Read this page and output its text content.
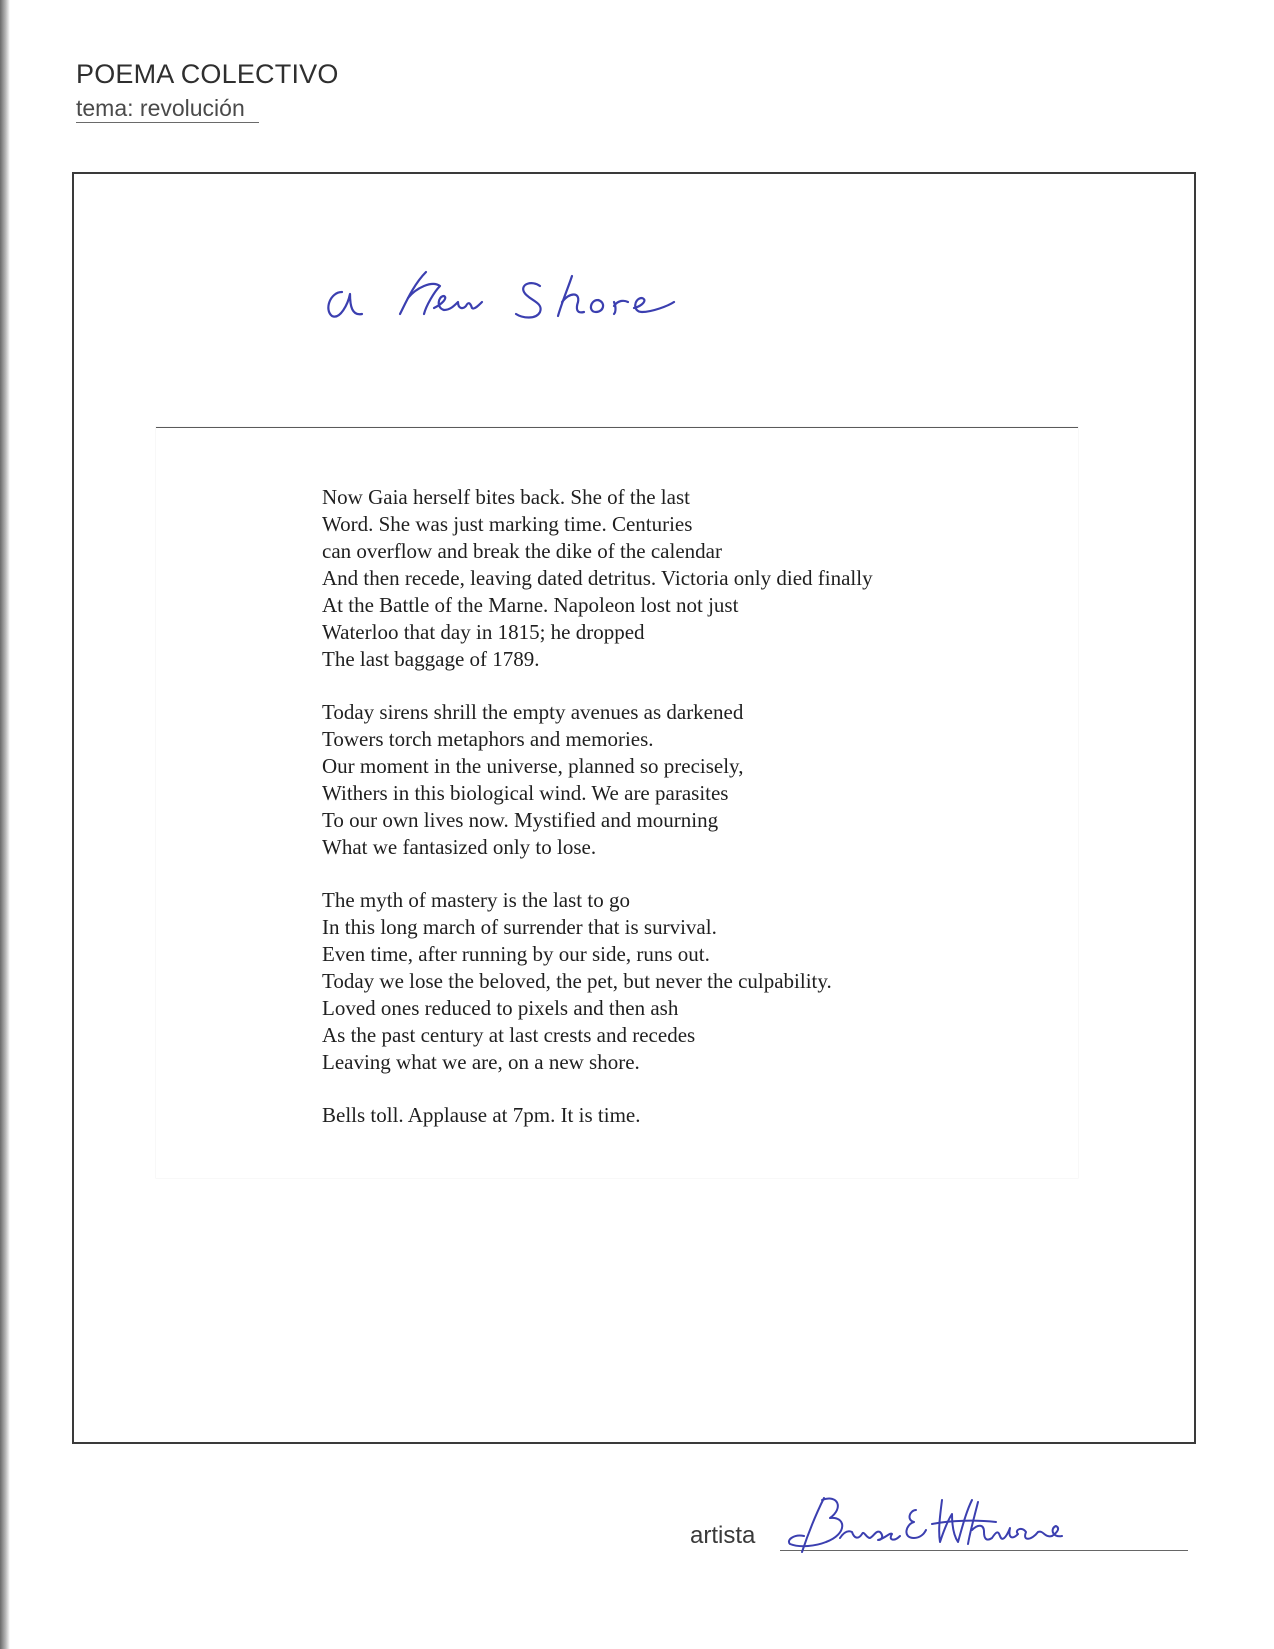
POEMA COLECTIVO
tema: revolución
Now Gaia herself bites back. She of the last
Word. She was just marking time. Centuries
can overflow and break the dike of the calendar
And then recede, leaving dated detritus. Victoria only died finally
At the Battle of the Marne. Napoleon lost not just
Waterloo that day in 1815; he dropped
The last baggage of 1789.
Today sirens shrill the empty avenues as darkened
Towers torch metaphors and memories.
Our moment in the universe, planned so precisely,
Withers in this biological wind. We are parasites
To our own lives now. Mystified and mourning
What we fantasized only to lose.
The myth of mastery is the last to go
In this long march of surrender that is survival.
Even time, after running by our side, runs out.
Today we lose the beloved, the pet, but never the culpability.
Loved ones reduced to pixels and then ash
As the past century at last crests and recedes
Leaving what we are, on a new shore.
Bells toll. Applause at 7pm. It is time.
artista
